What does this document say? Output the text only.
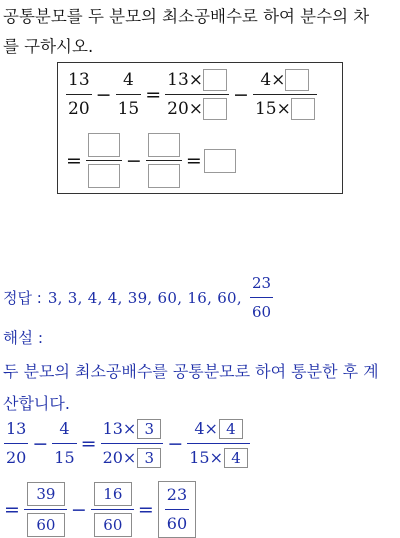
공통분모를 두 분모의 최소공배수로 하여 분수의 차
를 구하시오.
$\frac{13}{20} - \frac{4}{15} = \frac{13\times}{20\times} - \frac{4\times}{15\times}$
= − =
정답 : 3, 3, 4, 4, 39, 60, 16, 60, $\frac{23}{60}$
해설 :
두 분모의 최소공배수를 공통분모로 하여 통분한 후 계
산합니다.
$\frac{13}{20} - \frac{4}{15} = \frac{13\times 3}{20\times 3} - \frac{4\times 4}{15\times 4}$
= $\frac{39}{60} - \frac{16}{60} = \frac{23}{60}$
